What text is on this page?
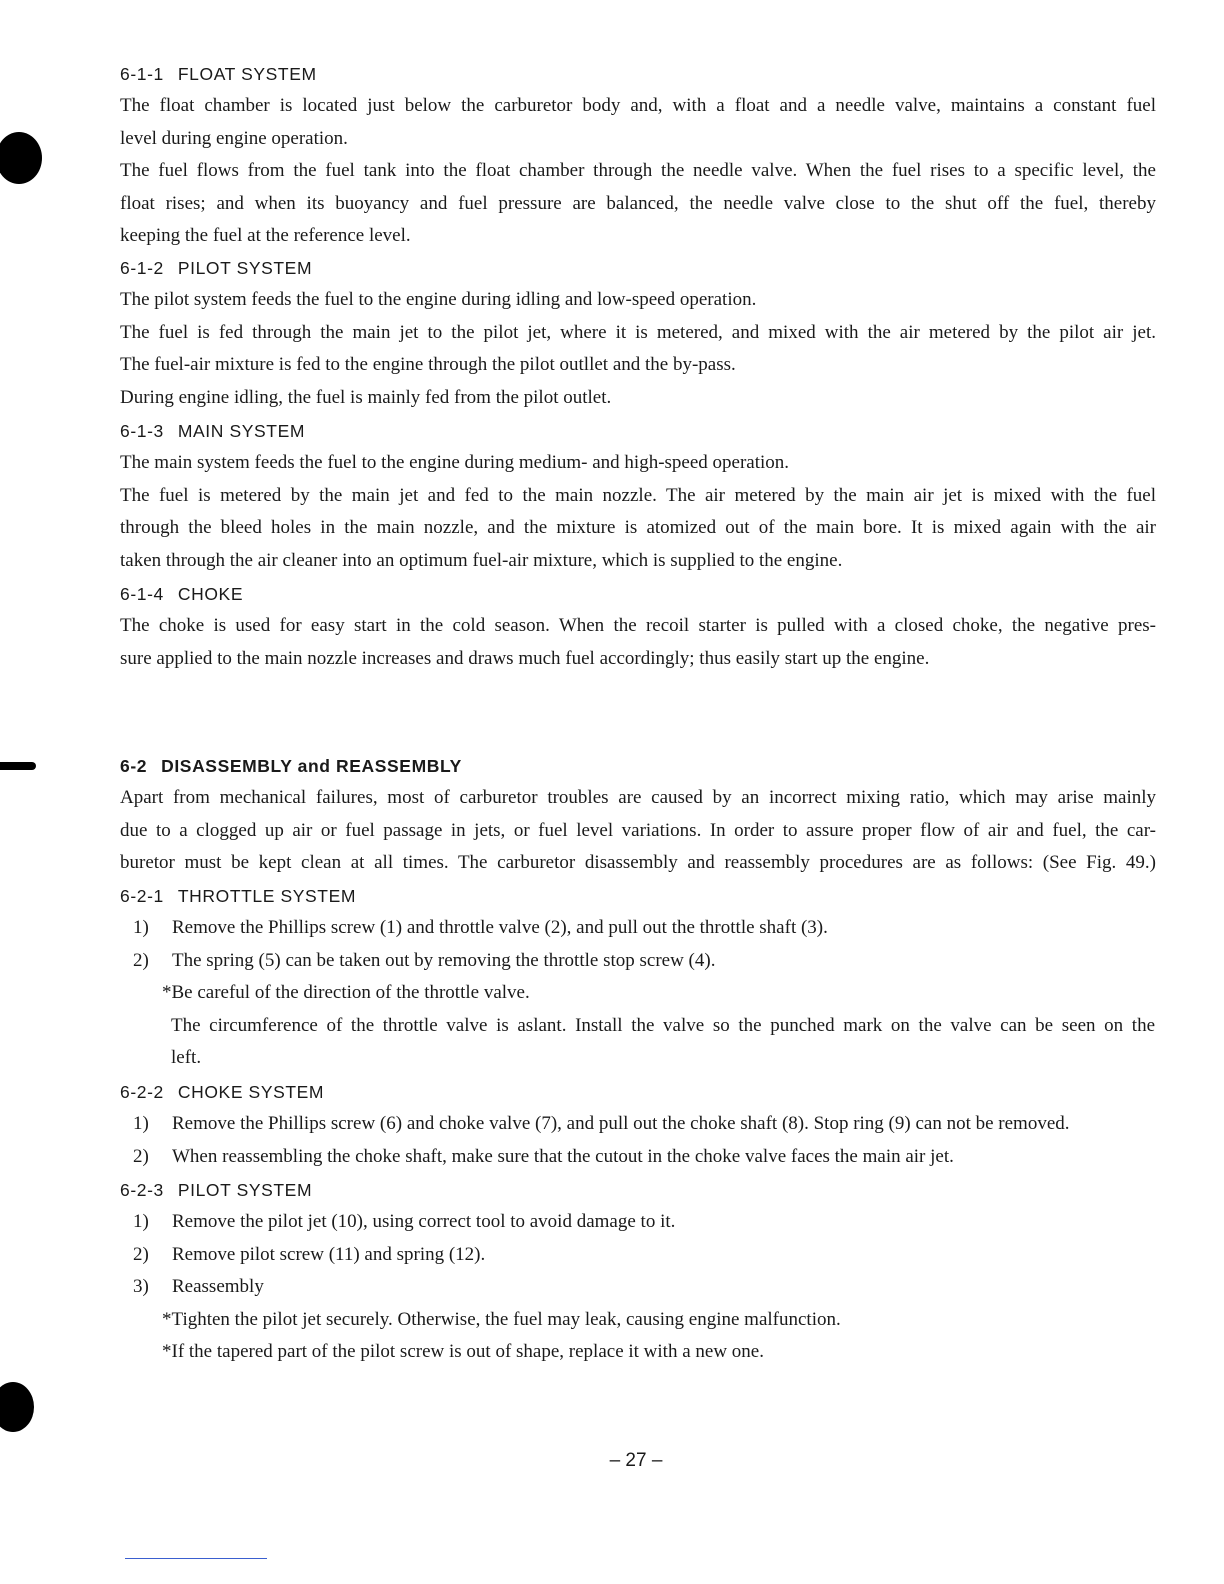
6-1-1 FLOAT SYSTEM
The float chamber is located just below the carburetor body and, with a float and a needle valve, maintains a constant fuel
level during engine operation.
The fuel flows from the fuel tank into the float chamber through the needle valve. When the fuel rises to a specific level, the
float rises; and when its buoyancy and fuel pressure are balanced, the needle valve close to the shut off the fuel, thereby
keeping the fuel at the reference level.
6-1-2 PILOT SYSTEM
The pilot system feeds the fuel to the engine during idling and low-speed operation.
The fuel is fed through the main jet to the pilot jet, where it is metered, and mixed with the air metered by the pilot air jet.
The fuel-air mixture is fed to the engine through the pilot outllet and the by-pass.
During engine idling, the fuel is mainly fed from the pilot outlet.
6-1-3 MAIN SYSTEM
The main system feeds the fuel to the engine during medium- and high-speed operation.
The fuel is metered by the main jet and fed to the main nozzle. The air metered by the main air jet is mixed with the fuel
through the bleed holes in the main nozzle, and the mixture is atomized out of the main bore. It is mixed again with the air
taken through the air cleaner into an optimum fuel-air mixture, which is supplied to the engine.
6-1-4 CHOKE
The choke is used for easy start in the cold season. When the recoil starter is pulled with a closed choke, the negative pres-
sure applied to the main nozzle increases and draws much fuel accordingly; thus easily start up the engine.
6-2 DISASSEMBLY and REASSEMBLY
Apart from mechanical failures, most of carburetor troubles are caused by an incorrect mixing ratio, which may arise mainly
due to a clogged up air or fuel passage in jets, or fuel level variations. In order to assure proper flow of air and fuel, the car-
buretor must be kept clean at all times. The carburetor disassembly and reassembly procedures are as follows: (See Fig. 49.)
6-2-1 THROTTLE SYSTEM
1) Remove the Phillips screw (1) and throttle valve (2), and pull out the throttle shaft (3).
2) The spring (5) can be taken out by removing the throttle stop screw (4).
*Be careful of the direction of the throttle valve.
The circumference of the throttle valve is aslant. Install the valve so the punched mark on the valve can be seen on the
left.
6-2-2 CHOKE SYSTEM
1) Remove the Phillips screw (6) and choke valve (7), and pull out the choke shaft (8). Stop ring (9) can not be removed.
2) When reassembling the choke shaft, make sure that the cutout in the choke valve faces the main air jet.
6-2-3 PILOT SYSTEM
1) Remove the pilot jet (10), using correct tool to avoid damage to it.
2) Remove pilot screw (11) and spring (12).
3) Reassembly
*Tighten the pilot jet securely. Otherwise, the fuel may leak, causing engine malfunction.
*If the tapered part of the pilot screw is out of shape, replace it with a new one.
– 27 –
